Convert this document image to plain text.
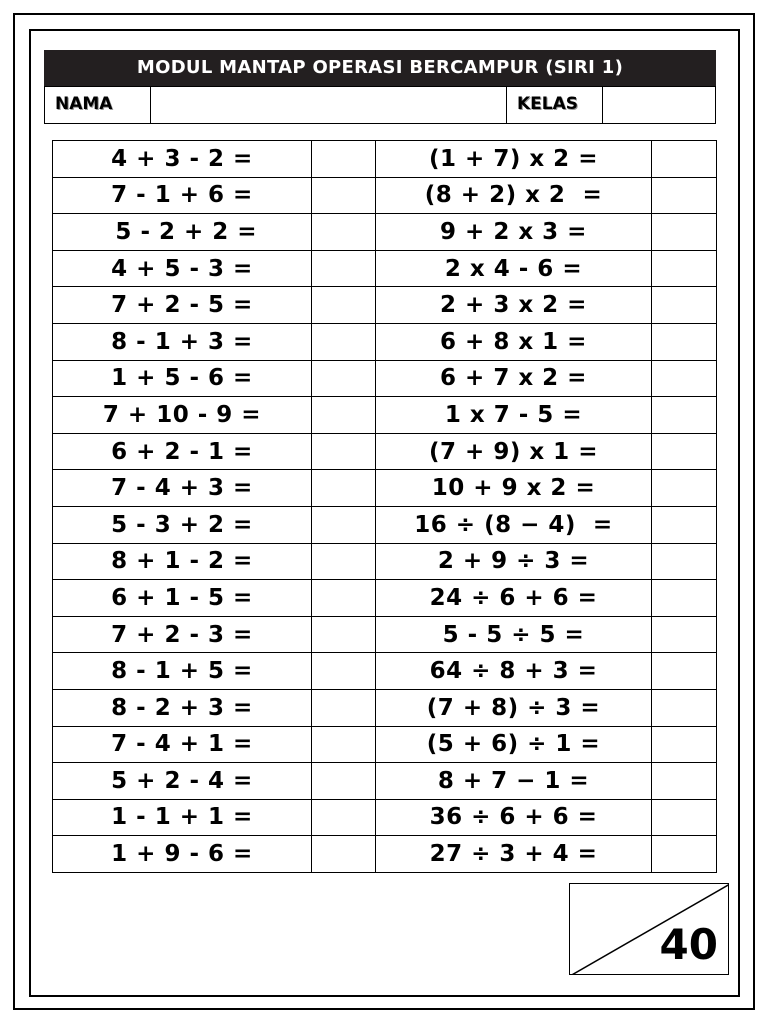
MODUL MANTAP OPERASI BERCAMPUR (SIRI 1)
NAMA	KELAS
4 + 3 - 2 =		(1 + 7) x 2 =	
7 - 1 + 6 =		(8 + 2) x 2  =	
5 - 2 + 2 =		9 + 2 x 3 =	
4 + 5 - 3 =		2 x 4 - 6 =	
7 + 2 - 5 =		2 + 3 x 2 =	
8 - 1 + 3 =		6 + 8 x 1 =	
1 + 5 - 6 =		6 + 7 x 2 =	
7 + 10 - 9 =		1 x 7 - 5 =	
6 + 2 - 1 =		(7 + 9) x 1 =	
7 - 4 + 3 =		10 + 9 x 2 =	
5 - 3 + 2 =		16 ÷ (8 − 4)  =	
8 + 1 - 2 =		2 + 9 ÷ 3 =	
6 + 1 - 5 =		24 ÷ 6 + 6 =	
7 + 2 - 3 =		5 - 5 ÷ 5 =	
8 - 1 + 5 =		64 ÷ 8 + 3 =	
8 - 2 + 3 =		(7 + 8) ÷ 3 =	
7 - 4 + 1 =		(5 + 6) ÷ 1 =	
5 + 2 - 4 =		8 + 7 − 1 =	
1 - 1 + 1 =		36 ÷ 6 + 6 =	
1 + 9 - 6 =		27 ÷ 3 + 4 =	
40
